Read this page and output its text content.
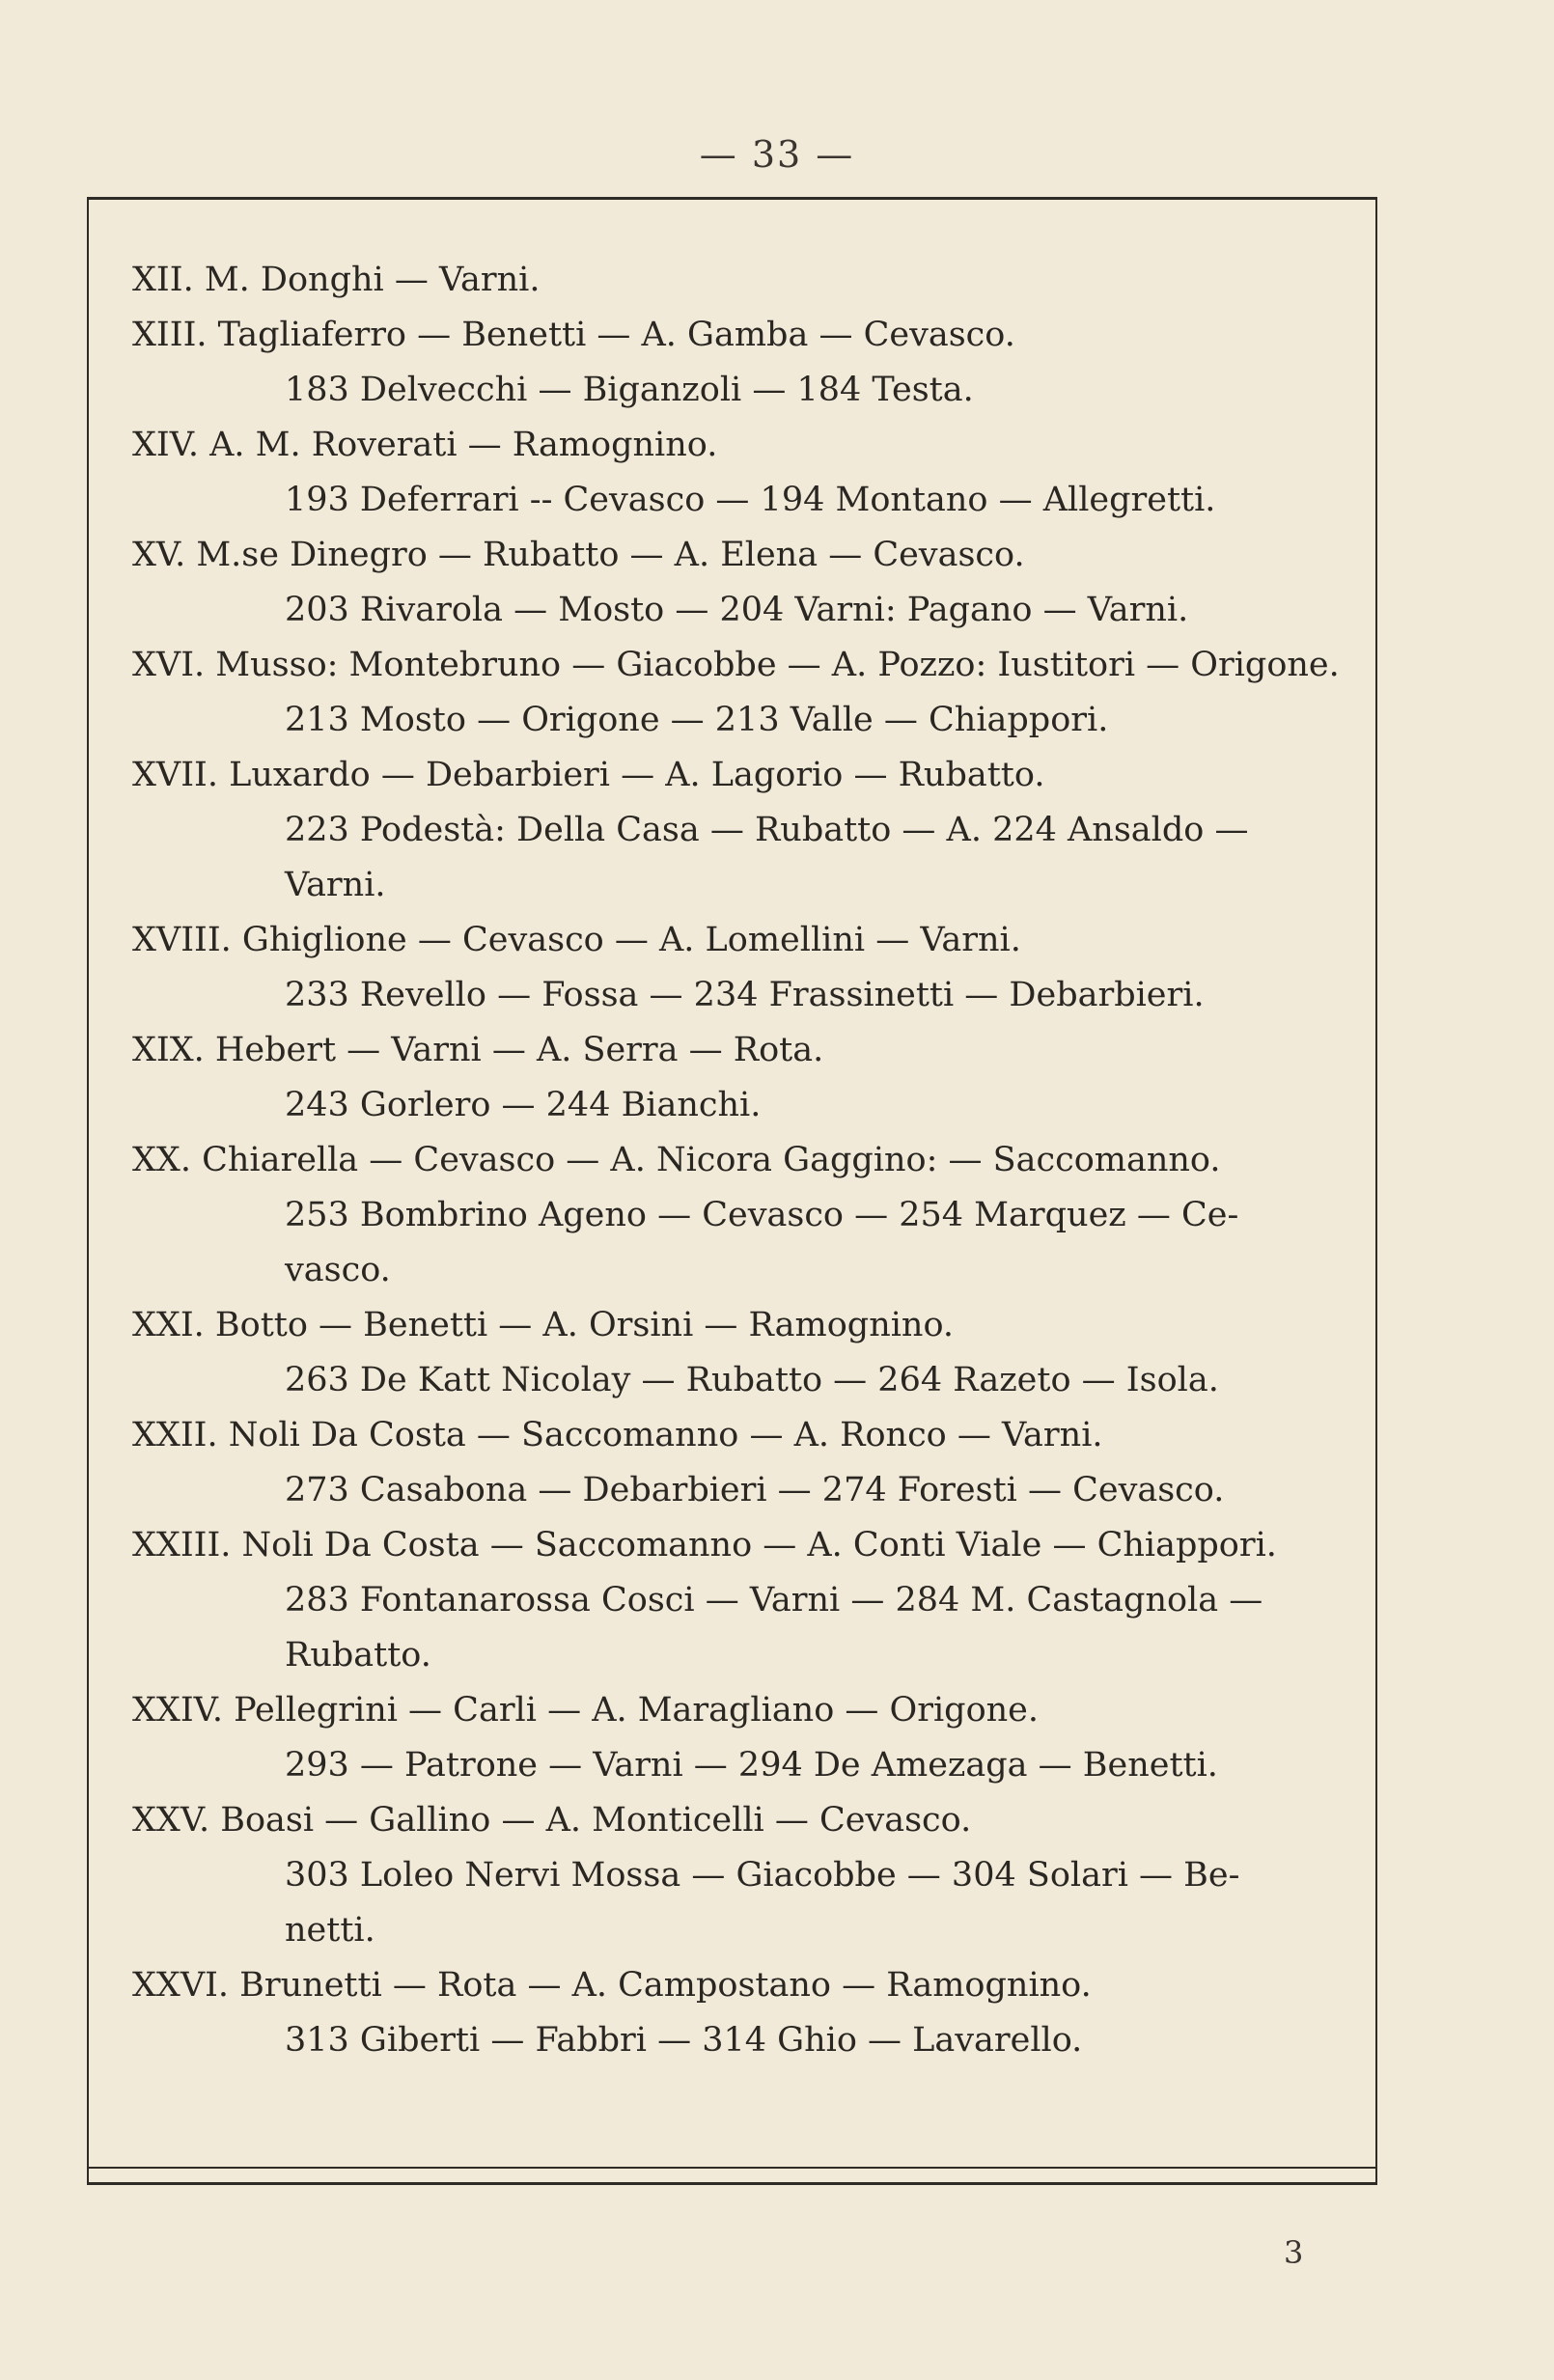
— 33 —
XII. M. Donghi — Varni.
XIII. Tagliaferro — Benetti — A. Gamba — Cevasco.
183 Delvecchi — Biganzoli — 184 Testa.
XIV. A. M. Roverati — Ramognino.
193 Deferrari -- Cevasco — 194 Montano — Allegretti.
XV. M.se Dinegro — Rubatto — A. Elena — Cevasco.
203 Rivarola — Mosto — 204 Varni: Pagano — Varni.
XVI. Musso: Montebruno — Giacobbe — A. Pozzo: Iustitori — Origone.
213 Mosto — Origone — 213 Valle — Chiappori.
XVII. Luxardo — Debarbieri — A. Lagorio — Rubatto.
223 Podestà: Della Casa — Rubatto — A. 224 Ansaldo —
Varni.
XVIII. Ghiglione — Cevasco — A. Lomellini — Varni.
233 Revello — Fossa — 234 Frassinetti — Debarbieri.
XIX. Hebert — Varni — A. Serra — Rota.
243 Gorlero — 244 Bianchi.
XX. Chiarella — Cevasco — A. Nicora Gaggino: — Saccomanno.
253 Bombrino Ageno — Cevasco — 254 Marquez — Ce-
vasco.
XXI. Botto — Benetti — A. Orsini — Ramognino.
263 De Katt Nicolay — Rubatto — 264 Razeto — Isola.
XXII. Noli Da Costa — Saccomanno — A. Ronco — Varni.
273 Casabona — Debarbieri — 274 Foresti — Cevasco.
XXIII. Noli Da Costa — Saccomanno — A. Conti Viale — Chiappori.
283 Fontanarossa Cosci — Varni — 284 M. Castagnola —
Rubatto.
XXIV. Pellegrini — Carli — A. Maragliano — Origone.
293 — Patrone — Varni — 294 De Amezaga — Benetti.
XXV. Boasi — Gallino — A. Monticelli — Cevasco.
303 Loleo Nervi Mossa — Giacobbe — 304 Solari — Be-
netti.
XXVI. Brunetti — Rota — A. Campostano — Ramognino.
313 Giberti — Fabbri — 314 Ghio — Lavarello.
3
